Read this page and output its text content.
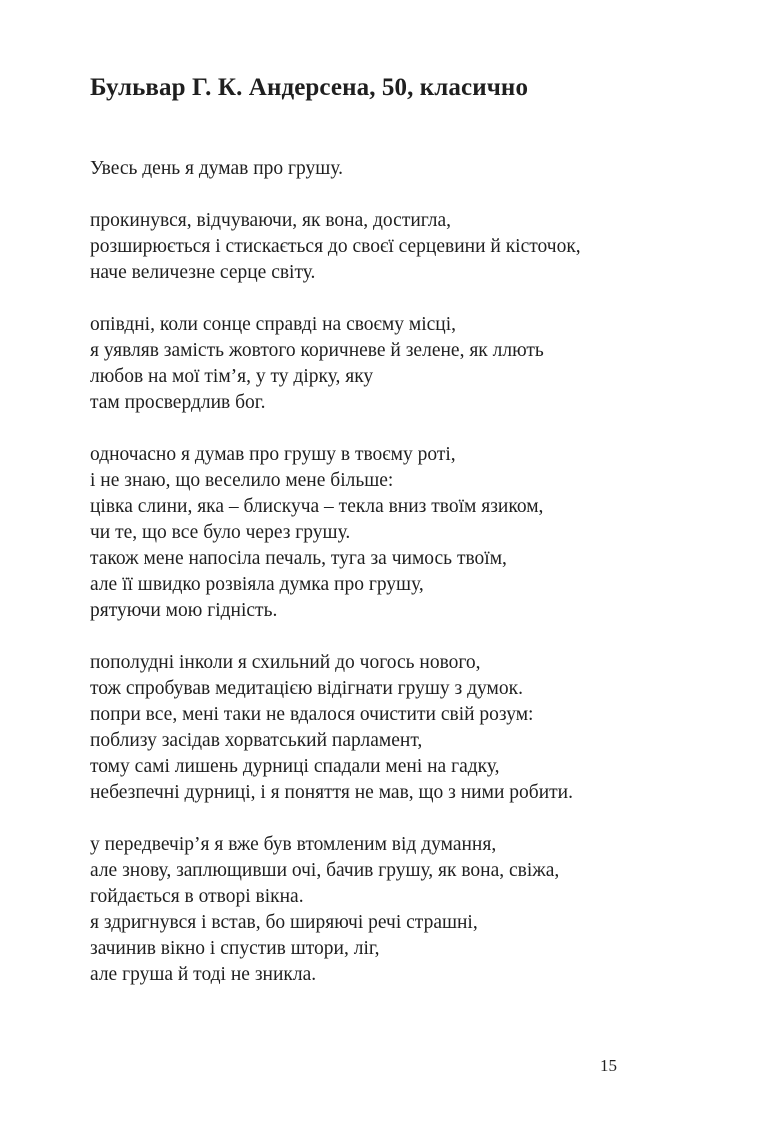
Бульвар Г. К. Андерсена, 50, класично
Увесь день я думав про грушу.
прокинувся, відчуваючи, як вона, достигла,
розширюється і стискається до своєї серцевини й кісточок,
наче величезне серце світу.
опівдні, коли сонце справді на своєму місці,
я уявляв замість жовтого коричневе й зелене, як ллють
любов на мої тім’я, у ту дірку, яку
там просвердлив бог.
одночасно я думав про грушу в твоєму роті,
і не знаю, що веселило мене більше:
цівка слини, яка – блискуча – текла вниз твоїм язиком,
чи те, що все було через грушу.
також мене напосіла печаль, туга за чимось твоїм,
але її швидко розвіяла думка про грушу,
рятуючи мою гідність.
пополудні інколи я схильний до чогось нового,
тож спробував медитацією відігнати грушу з думок.
попри все, мені таки не вдалося очистити свій розум:
поблизу засідав хорватський парламент,
тому самі лишень дурниці спадали мені на гадку,
небезпечні дурниці, і я поняття не мав, що з ними робити.
у передвечір’я я вже був втомленим від думання,
але знову, заплющивши очі, бачив грушу, як вона, свіжа,
гойдається в отворі вікна.
я здригнувся і встав, бо ширяючі речі страшні,
зачинив вікно і спустив штори, ліг,
але груша й тоді не зникла.
15
